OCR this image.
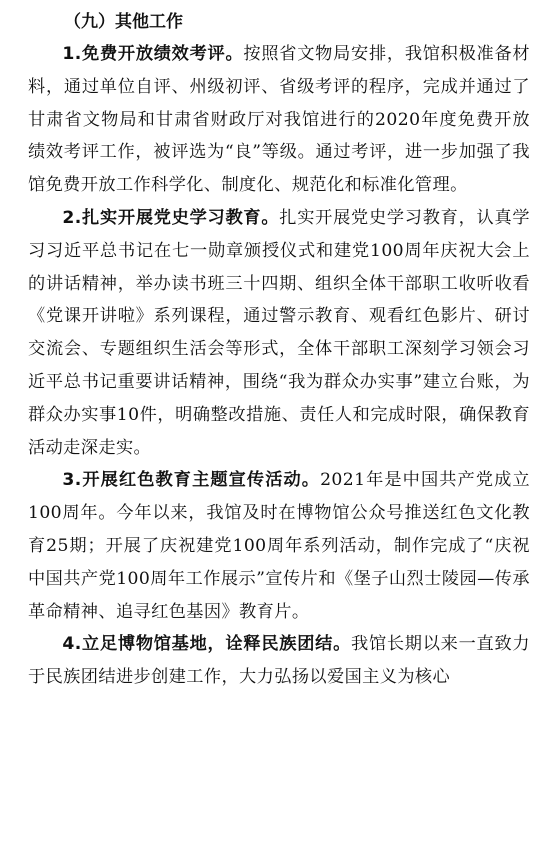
（九）其他工作

1.免费开放绩效考评。按照省文物局安排，我馆积极准备材料，通过单位自评、州级初评、省级考评的程序，完成并通过了甘肃省文物局和甘肃省财政厅对我馆进行的2020年度免费开放绩效考评工作，被评选为“良”等级。通过考评，进一步加强了我馆免费开放工作科学化、制度化、规范化和标准化管理。

2.扎实开展党史学习教育。扎实开展党史学习教育，认真学习习近平总书记在七一勋章颁授仪式和建党100周年庆祝大会上的讲话精神，举办读书班三十四期、组织全体干部职工收听收看《党课开讲啦》系列课程，通过警示教育、观看红色影片、研讨交流会、专题组织生活会等形式，全体干部职工深刻学习领会习近平总书记重要讲话精神，围绕“我为群众办实事”建立台账，为群众办实事10件，明确整改措施、责任人和完成时限，确保教育活动走深走实。

3.开展红色教育主题宣传活动。2021年是中国共产党成立100周年。今年以来，我馆及时在博物馆公众号推送红色文化教育25期；开展了庆祝建党100周年系列活动，制作完成了“庆祝中国共产党100周年工作展示”宣传片和《堡子山烈士陵园—传承革命精神、追寻红色基因》教育片。

4.立足博物馆基地，诠释民族团结。我馆长期以来一直致力于民族团结进步创建工作，大力弘扬以爱国主义为核心
